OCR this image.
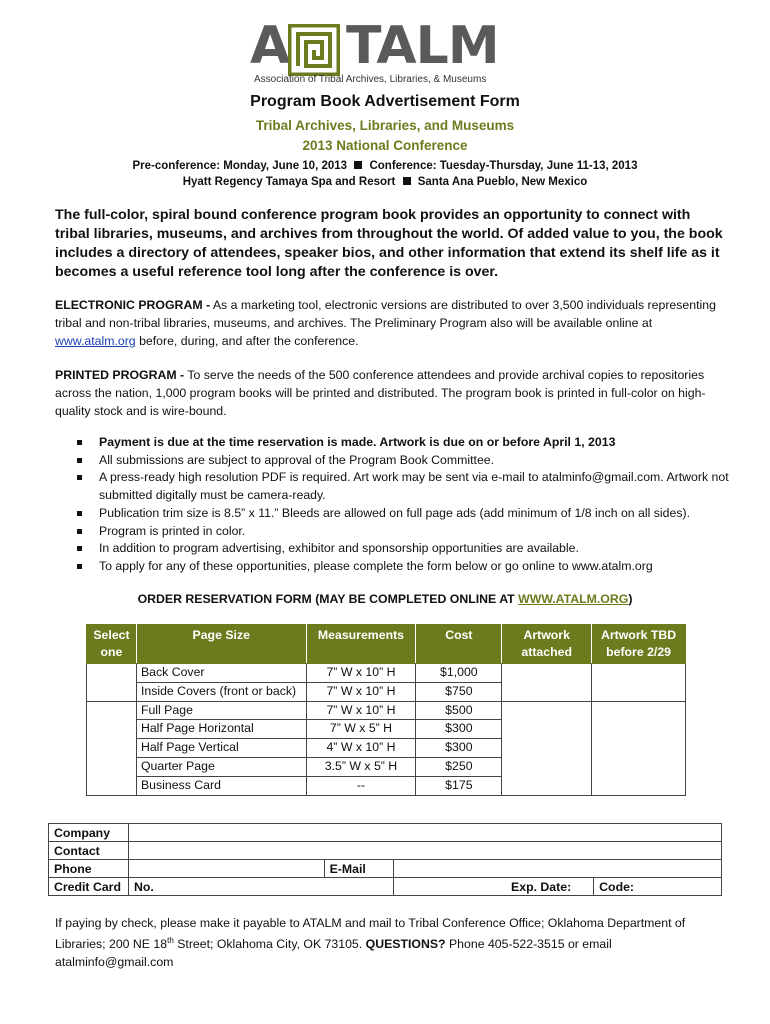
A TALM
Association of Tribal Archives, Libraries, & Museums
Program Book Advertisement Form
Tribal Archives, Libraries, and Museums
2013 National Conference
Pre-conference: Monday, June 10, 2013 Conference: Tuesday-Thursday, June 11-13, 2013
Hyatt Regency Tamaya Spa and Resort Santa Ana Pueblo, New Mexico
The full-color, spiral bound conference program book provides an opportunity to connect with tribal libraries, museums, and archives from throughout the world. Of added value to you, the book includes a directory of attendees, speaker bios, and other information that extend its shelf life as it becomes a useful reference tool long after the conference is over.
ELECTRONIC PROGRAM - As a marketing tool, electronic versions are distributed to over 3,500 individuals representing tribal and non-tribal libraries, museums, and archives. The Preliminary Program also will be available online at www.atalm.org before, during, and after the conference.
PRINTED PROGRAM - To serve the needs of the 500 conference attendees and provide archival copies to repositories across the nation, 1,000 program books will be printed and distributed. The program book is printed in full-color on high-quality stock and is wire-bound.
Payment is due at the time reservation is made. Artwork is due on or before April 1, 2013
All submissions are subject to approval of the Program Book Committee.
A press-ready high resolution PDF is required. Art work may be sent via e-mail to atalminfo@gmail.com. Artwork not submitted digitally must be camera-ready.
Publication trim size is 8.5” x 11.” Bleeds are allowed on full page ads (add minimum of 1/8 inch on all sides).
Program is printed in color.
In addition to program advertising, exhibitor and sponsorship opportunities are available.
To apply for any of these opportunities, please complete the form below or go online to www.atalm.org
ORDER RESERVATION FORM (MAY BE COMPLETED ONLINE AT WWW.ATALM.ORG)
Select one	Page Size	Measurements	Cost	Artwork attached	Artwork TBD before 2/29
	Back Cover	7” W x 10” H	$1,000		
	Inside Covers (front or back)	7” W x 10” H	$750		
	Full Page	7” W x 10” H	$500		
	Half Page Horizontal	7” W x 5” H	$300		
	Half Page Vertical	4” W x 10” H	$300		
	Quarter Page	3.5” W x 5” H	$250		
	Business Card	--	$175		
Company				
Contact				
Phone		E-Mail		
Credit Card	No.		Exp. Date:	Code:
If paying by check, please make it payable to ATALM and mail to Tribal Conference Office; Oklahoma Department of Libraries; 200 NE 18th Street; Oklahoma City, OK 73105. QUESTIONS? Phone 405-522-3515 or email atalminfo@gmail.com
